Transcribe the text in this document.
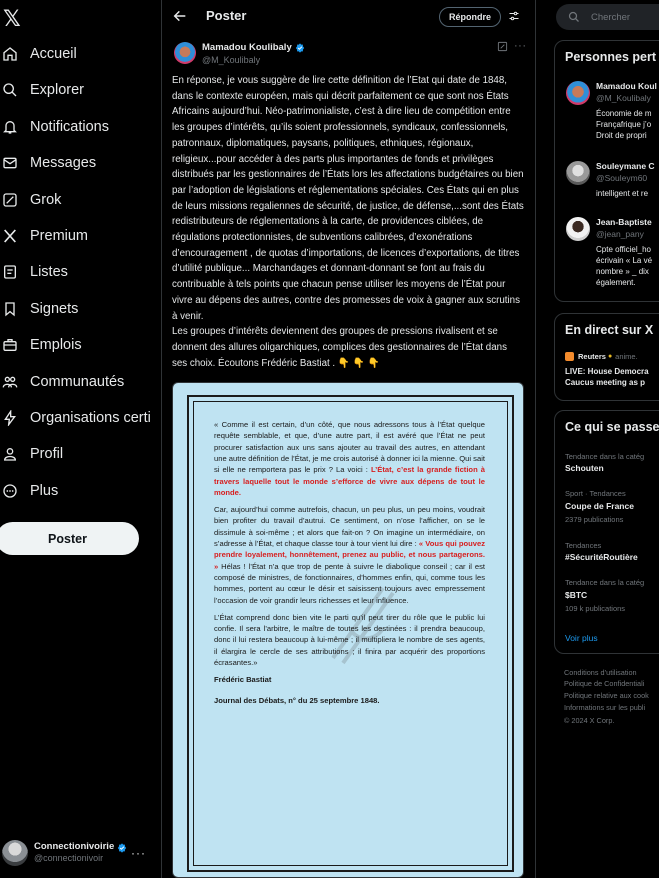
𝕏
Accueil
Explorer
Notifications
Messages
Grok
Premium
Listes
Signets
Emplois
Communautés
Organisations certi
Profil
Plus
Poster
Connectionivoirie
@connectionivoir	···
Poster	Répondre
Mamadou Koulibaly
@M_Koulibaly
···
En réponse, je vous suggère de lire cette définition de l’Etat qui date de 1848, dans le contexte européen, mais qui décrit parfaitement ce que sont nos États Africains aujourd’hui. Néo-patrimonialiste, c’est à dire lieu de compétition entre les groupes d’intérêts, qu’ils soient professionnels, syndicaux, confessionnels, patronnaux, diplomatiques, paysans, politiques, ethniques, régionaux, religieux...pour accéder à des parts plus importantes de fonds et privilèges distribués par les gestionnaires de l’États lors les affectations budgétaires ou bien par l’adoption de législations et réglementations spéciales. Ces États qui en plus de leurs missions regaliennes de sécurité, de justice, de défense,...sont des États redistributeurs de réglementations à la carte, de providences ciblées, de régulations protectionnistes, de subventions calibrées, d’exonérations d’encouragement , de quotas d’importations, de licences d’exportations, de titres d’utilité publique... Marchandages et donnant-donnant se font au frais du contribuable à tels points que chacun pense utiliser les moyens de l’État pour vivre au dépens des autres, contre des promesses de voix à gagner aux scrutins à venir.
Les groupes d’intérêts deviennent des groupes de pressions rivalisent et se donnent des allures oligarchiques, complices des gestionnaires de l’État dans ses choix. Écoutons Frédéric Bastiat . 👇 👇 👇

« Comme il est certain, d’un côté, que nous adressons tous à l’État quelque requête semblable, et que, d’une autre part, il est avéré que l’État ne peut procurer satisfaction aux uns sans ajouter au travail des autres, en attendant une autre définition de l’État, je me crois autorisé à donner ici la mienne. Qui sait si elle ne remportera pas le prix ? La voici : L’État, c’est la grande fiction à travers laquelle tout le monde s’efforce de vivre aux dépens de tout le monde.

Car, aujourd’hui comme autrefois, chacun, un peu plus, un peu moins, voudrait bien profiter du travail d’autrui. Ce sentiment, on n’ose l’afficher, on se le dissimule à soi-même ; et alors que fait-on ? On imagine un intermédiaire, on s’adresse à l’État, et chaque classe tour à tour vient lui dire : « Vous qui pouvez prendre loyalement, honnêtement, prenez au public, et nous partagerons. » Hélas ! l’État n’a que trop de pente à suivre le diabolique conseil ; car il est composé de ministres, de fonctionnaires, d’hommes enfin, qui, comme tous les hommes, portent au cœur le désir et saisissent toujours avec empressement l’occasion de voir grandir leurs richesses et leur influence.

L’État comprend donc bien vite le parti qu’il peut tirer du rôle que le public lui confie. Il sera l’arbitre, le maître de toutes les destinées : il prendra beaucoup, donc il lui restera beaucoup à lui-même ; il multipliera le nombre de ses agents, il élargira le cercle de ses attributions ; il finira par acquérir des proportions écrasantes.»

Frédéric Bastiat

Journal des Débats, n° du 25 septembre 1848.

Chercher
Personnes pert
Mamadou Koul
@M_Koulibaly
Économie de m
Françafrique j’o
Droit de propri
Souleymane C
@Souleym60
intelligent et re
Jean-Baptiste
@jean_pany
Cpte officiel_ho
écrivain « La vé
nombre » _ dix
également.
En direct sur X
Reuters ● anime.
LIVE: House Democra
Caucus meeting as p
Ce qui se passe
Tendance dans la catég
Schouten
Sport · Tendances
Coupe de France
2379 publications
Tendances
#SécuritéRoutière
Tendance dans la catég
$BTC
109 k publications
Voir plus
Conditions d’utilisation
Politique de Confidentiali
Politique relative aux cook
Informations sur les publi
© 2024 X Corp.
